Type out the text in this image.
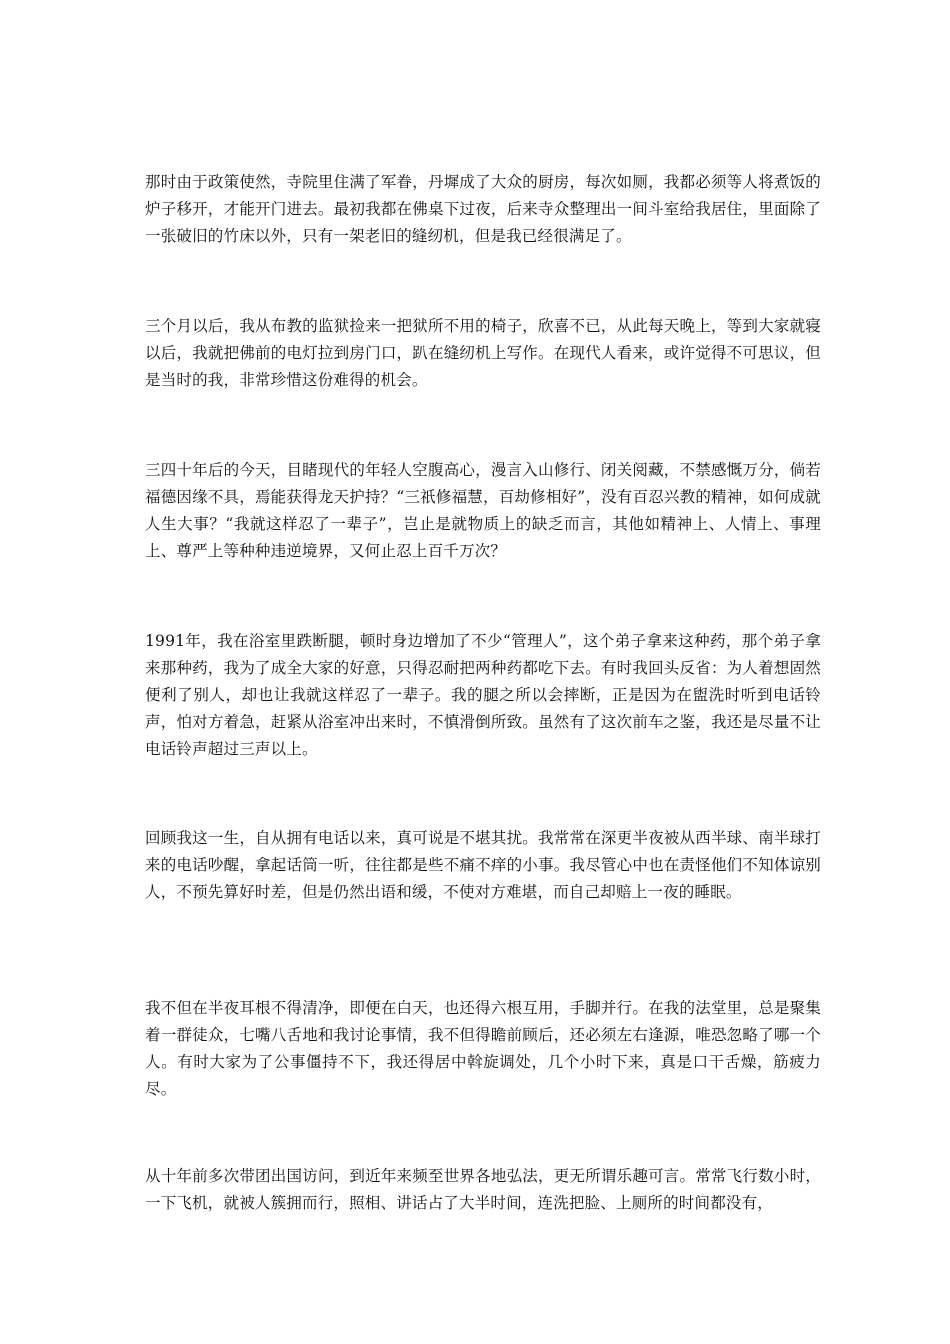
那时由于政策使然，寺院里住满了军眷，丹墀成了大众的厨房，每次如厕，我都必须等人将煮饭的炉子移开，才能开门进去。最初我都在佛桌下过夜，后来寺众整理出一间斗室给我居住，里面除了一张破旧的竹床以外，只有一架老旧的缝纫机，但是我已经很满足了。

三个月以后，我从布教的监狱捡来一把狱所不用的椅子，欣喜不已，从此每天晚上，等到大家就寝以后，我就把佛前的电灯拉到房门口，趴在缝纫机上写作。在现代人看来，或许觉得不可思议，但是当时的我，非常珍惜这份难得的机会。

三四十年后的今天，目睹现代的年轻人空腹高心，漫言入山修行、闭关阅藏，不禁感慨万分，倘若福德因缘不具，焉能获得龙天护持？“三祇修福慧，百劫修相好”，没有百忍兴教的精神，如何成就人生大事？“我就这样忍了一辈子”，岂止是就物质上的缺乏而言，其他如精神上、人情上、事理上、尊严上等种种违逆境界，又何止忍上百千万次？

1991年，我在浴室里跌断腿，顿时身边增加了不少“管理人”，这个弟子拿来这种药，那个弟子拿来那种药，我为了成全大家的好意，只得忍耐把两种药都吃下去。有时我回头反省：为人着想固然便利了别人，却也让我就这样忍了一辈子。我的腿之所以会摔断，正是因为在盥洗时听到电话铃声，怕对方着急，赶紧从浴室冲出来时，不慎滑倒所致。虽然有了这次前车之鉴，我还是尽量不让电话铃声超过三声以上。

回顾我这一生，自从拥有电话以来，真可说是不堪其扰。我常常在深更半夜被从西半球、南半球打来的电话吵醒，拿起话筒一听，往往都是些不痛不痒的小事。我尽管心中也在责怪他们不知体谅别人，不预先算好时差，但是仍然出语和缓，不使对方难堪，而自己却赔上一夜的睡眠。

我不但在半夜耳根不得清净，即便在白天，也还得六根互用，手脚并行。在我的法堂里，总是聚集着一群徒众，七嘴八舌地和我讨论事情，我不但得瞻前顾后，还必须左右逢源，唯恐忽略了哪一个人。有时大家为了公事僵持不下，我还得居中斡旋调处，几个小时下来，真是口干舌燥，筋疲力尽。

从十年前多次带团出国访问，到近年来频至世界各地弘法，更无所谓乐趣可言。常常飞行数小时，一下飞机，就被人簇拥而行，照相、讲话占了大半时间，连洗把脸、上厕所的时间都没有，
